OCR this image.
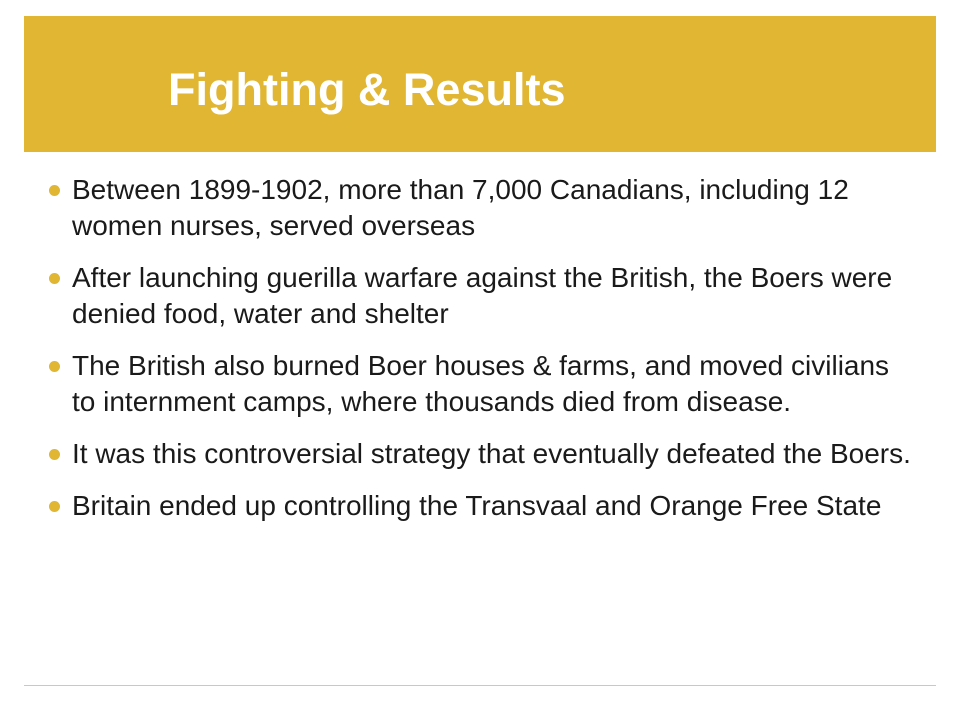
Fighting & Results
Between 1899-1902, more than 7,000 Canadians, including 12 women nurses, served overseas
After launching guerilla warfare against the British, the Boers were denied food, water and shelter
The British also burned Boer houses & farms, and moved civilians to internment camps, where thousands died from disease.
It was this controversial strategy that eventually defeated the Boers.
Britain ended up controlling the Transvaal and Orange Free State
